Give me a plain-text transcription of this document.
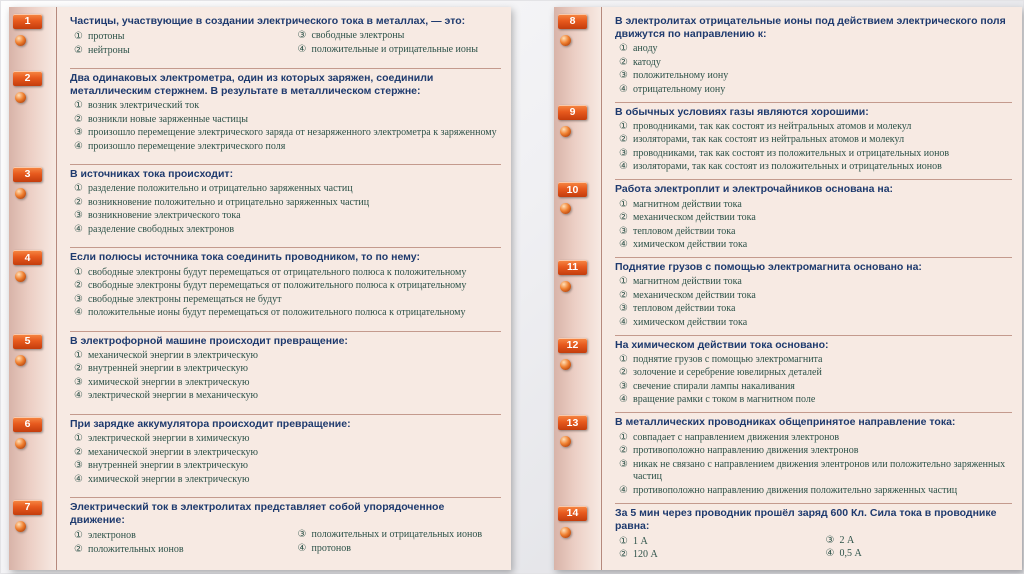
1	Частицы, участвующие в создании электрического тока в металлах, — это:
① протоны
② нейтроны
③ свободные электроны
④ положительные и отрицательные ионы
2	Два одинаковых электрометра, один из которых заряжен, соединили металлическим стержнем. В результате в металлическом стержне:
① возник электрический ток
② возникли новые заряженные частицы
③ произошло перемещение электрического заряда от незаряженного электрометра к заряженному
④ произошло перемещение электрического поля
3	В источниках тока происходит:
① разделение положительно и отрицательно заряженных частиц
② возникновение положительно и отрицательно заряженных частиц
③ возникновение электрического тока
④ разделение свободных электронов
4	Если полюсы источника тока соединить проводником, то по нему:
① свободные электроны будут перемещаться от отрицательного полюса к положительному
② свободные электроны будут перемещаться от положительного полюса к отрицательному
③ свободные электроны перемещаться не будут
④ положительные ионы будут перемещаться от положительного полюса к отрицательному
5	В электрофорной машине происходит превращение:
① механической энергии в электрическую
② внутренней энергии в электрическую
③ химической энергии в электрическую
④ электрической энергии в механическую
6	При зарядке аккумулятора происходит превращение:
① электрической энергии в химическую
② механической энергии в электрическую
③ внутренней энергии в электрическую
④ химической энергии в электрическую
7	Электрический ток в электролитах представляет собой упорядоченное движение:
① электронов
② положительных ионов
③ положительных и отрицательных ионов
④ протонов
8	В электролитах отрицательные ионы под действием электрического поля движутся по направлению к:
① аноду
② катоду
③ положительному иону
④ отрицательному иону
9	В обычных условиях газы являются хорошими:
① проводниками, так как состоят из нейтральных атомов и молекул
② изоляторами, так как состоят из нейтральных атомов и молекул
③ проводниками, так как состоят из положительных и отрицательных ионов
④ изоляторами, так как состоят из положительных и отрицательных ионов
10	Работа электроплит и электрочайников основана на:
① магнитном действии тока
② механическом действии тока
③ тепловом действии тока
④ химическом действии тока
11	Поднятие грузов с помощью электромагнита основано на:
① магнитном действии тока
② механическом действии тока
③ тепловом действии тока
④ химическом действии тока
12	На химическом действии тока основано:
① поднятие грузов с помощью электромагнита
② золочение и серебрение ювелирных деталей
③ свечение спирали лампы накаливания
④ вращение рамки с током в магнитном поле
13	В металлических проводниках общепринятое направление тока:
① совпадает с направлением движения электронов
② противоположно направлению движения электронов
③ никак не связано с направлением движения элентронов или положительно заряженных частиц
④ противоположно направлению движения положительно заряженных частиц
14	За 5 мин через проводник прошёл заряд 600 Кл. Сила тока в проводнике равна:
① 1 А
② 120 А
③ 2 А
④ 0,5 А
